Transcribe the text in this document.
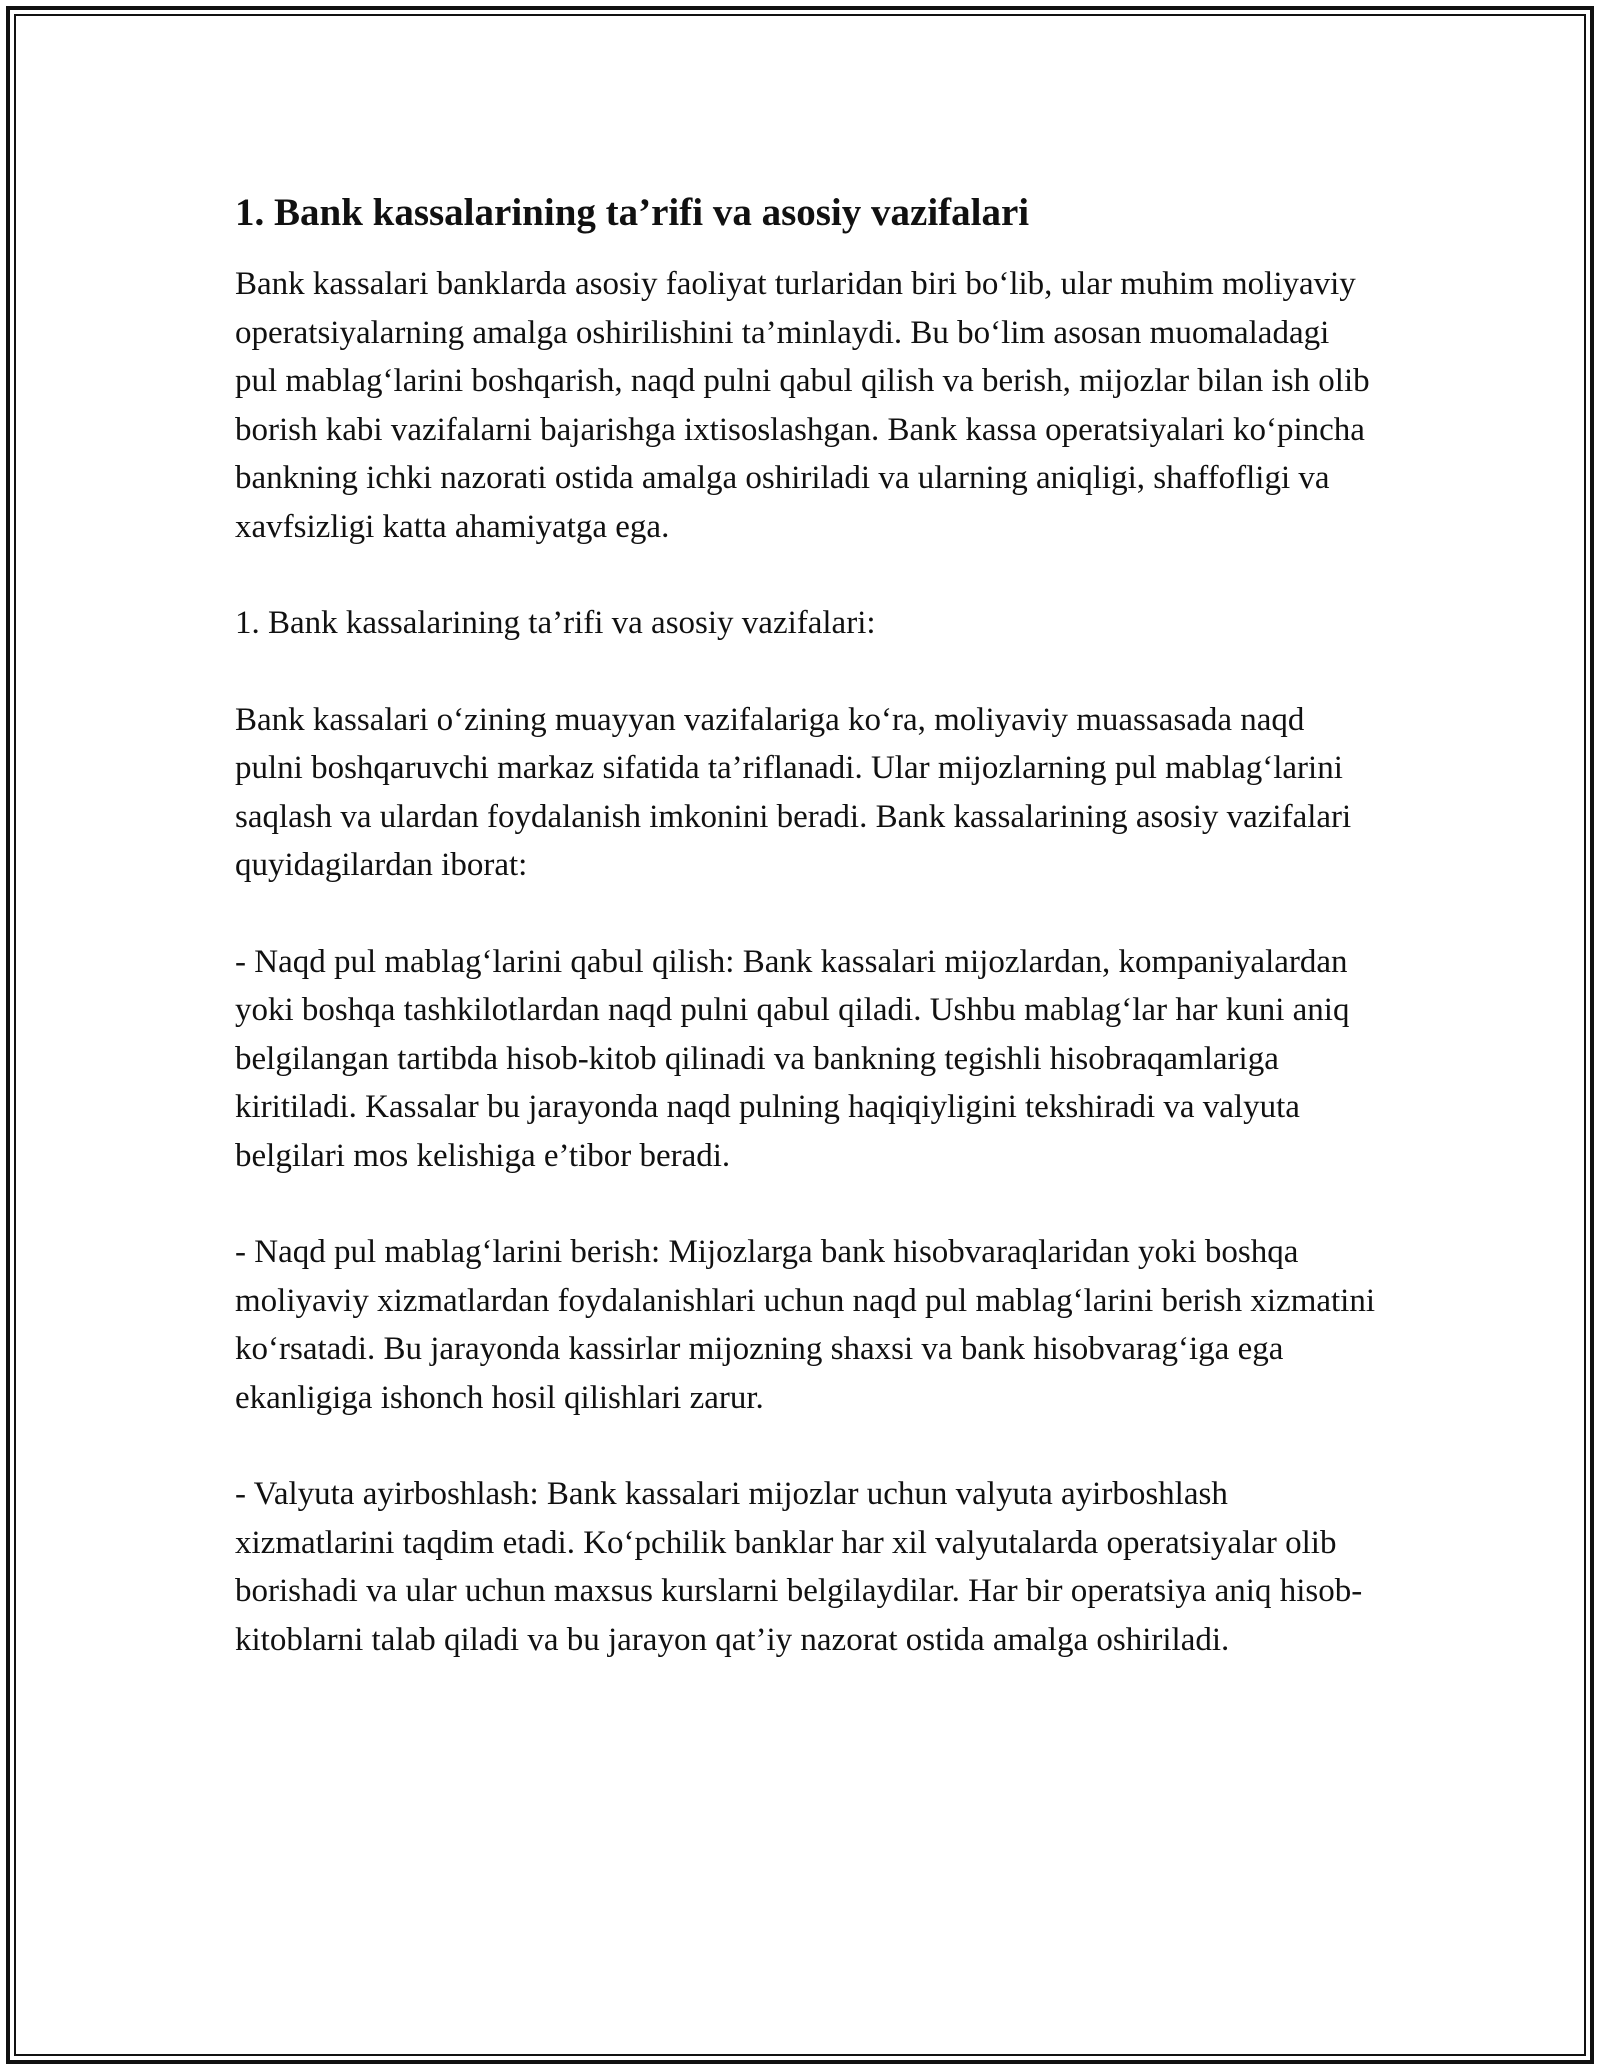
1. Bank kassalarining ta’rifi va asosiy vazifalari

Bank kassalari banklarda asosiy faoliyat turlaridan biri bo‘lib, ular muhim moliyaviy operatsiyalarning amalga oshirilishini ta’minlaydi. Bu bo‘lim asosan muomaladagi pul mablag‘larini boshqarish, naqd pulni qabul qilish va berish, mijozlar bilan ish olib borish kabi vazifalarni bajarishga ixtisoslashgan. Bank kassa operatsiyalari ko‘pincha bankning ichki nazorati ostida amalga oshiriladi va ularning aniqligi, shaffofligi va xavfsizligi katta ahamiyatga ega.

1. Bank kassalarining ta’rifi va asosiy vazifalari:

Bank kassalari o‘zining muayyan vazifalariga ko‘ra, moliyaviy muassasada naqd pulni boshqaruvchi markaz sifatida ta’riflanadi. Ular mijozlarning pul mablag‘larini saqlash va ulardan foydalanish imkonini beradi. Bank kassalarining asosiy vazifalari quyidagilardan iborat:

- Naqd pul mablag‘larini qabul qilish: Bank kassalari mijozlardan, kompaniyalardan yoki boshqa tashkilotlardan naqd pulni qabul qiladi. Ushbu mablag‘lar har kuni aniq belgilangan tartibda hisob-kitob qilinadi va bankning tegishli hisobraqamlariga kiritiladi. Kassalar bu jarayonda naqd pulning haqiqiyligini tekshiradi va valyuta belgilari mos kelishiga e’tibor beradi.

- Naqd pul mablag‘larini berish: Mijozlarga bank hisobvaraqlaridan yoki boshqa moliyaviy xizmatlardan foydalanishlari uchun naqd pul mablag‘larini berish xizmatini ko‘rsatadi. Bu jarayonda kassirlar mijozning shaxsi va bank hisobvarag‘iga ega ekanligiga ishonch hosil qilishlari zarur.

- Valyuta ayirboshlash: Bank kassalari mijozlar uchun valyuta ayirboshlash xizmatlarini taqdim etadi. Ko‘pchilik banklar har xil valyutalarda operatsiyalar olib borishadi va ular uchun maxsus kurslarni belgilaydilar. Har bir operatsiya aniq hisob-kitoblarni talab qiladi va bu jarayon qat’iy nazorat ostida amalga oshiriladi.
